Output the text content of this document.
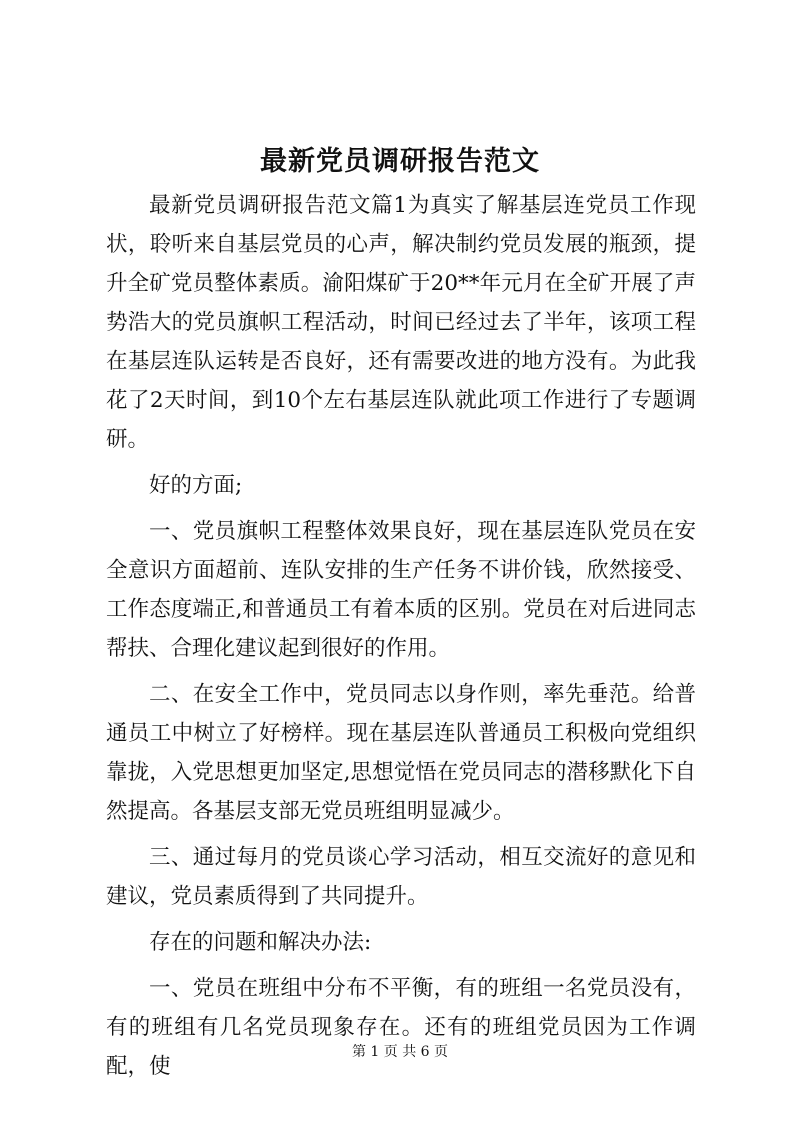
最新党员调研报告范文

最新党员调研报告范文篇1为真实了解基层连党员工作现状，聆听来自基层党员的心声，解决制约党员发展的瓶颈，提升全矿党员整体素质。渝阳煤矿于20**年元月在全矿开展了声势浩大的党员旗帜工程活动，时间已经过去了半年，该项工程在基层连队运转是否良好，还有需要改进的地方没有。为此我花了2天时间，到10个左右基层连队就此项工作进行了专题调研。

好的方面;

一、党员旗帜工程整体效果良好，现在基层连队党员在安全意识方面超前、连队安排的生产任务不讲价钱，欣然接受、工作态度端正,和普通员工有着本质的区别。党员在对后进同志帮扶、合理化建议起到很好的作用。

二、在安全工作中，党员同志以身作则，率先垂范。给普通员工中树立了好榜样。现在基层连队普通员工积极向党组织靠拢，入党思想更加坚定,思想觉悟在党员同志的潜移默化下自然提高。各基层支部无党员班组明显减少。

三、通过每月的党员谈心学习活动，相互交流好的意见和建议，党员素质得到了共同提升。

存在的问题和解决办法:

一、党员在班组中分布不平衡，有的班组一名党员没有，有的班组有几名党员现象存在。还有的班组党员因为工作调配，使

第 1 页 共 6 页
